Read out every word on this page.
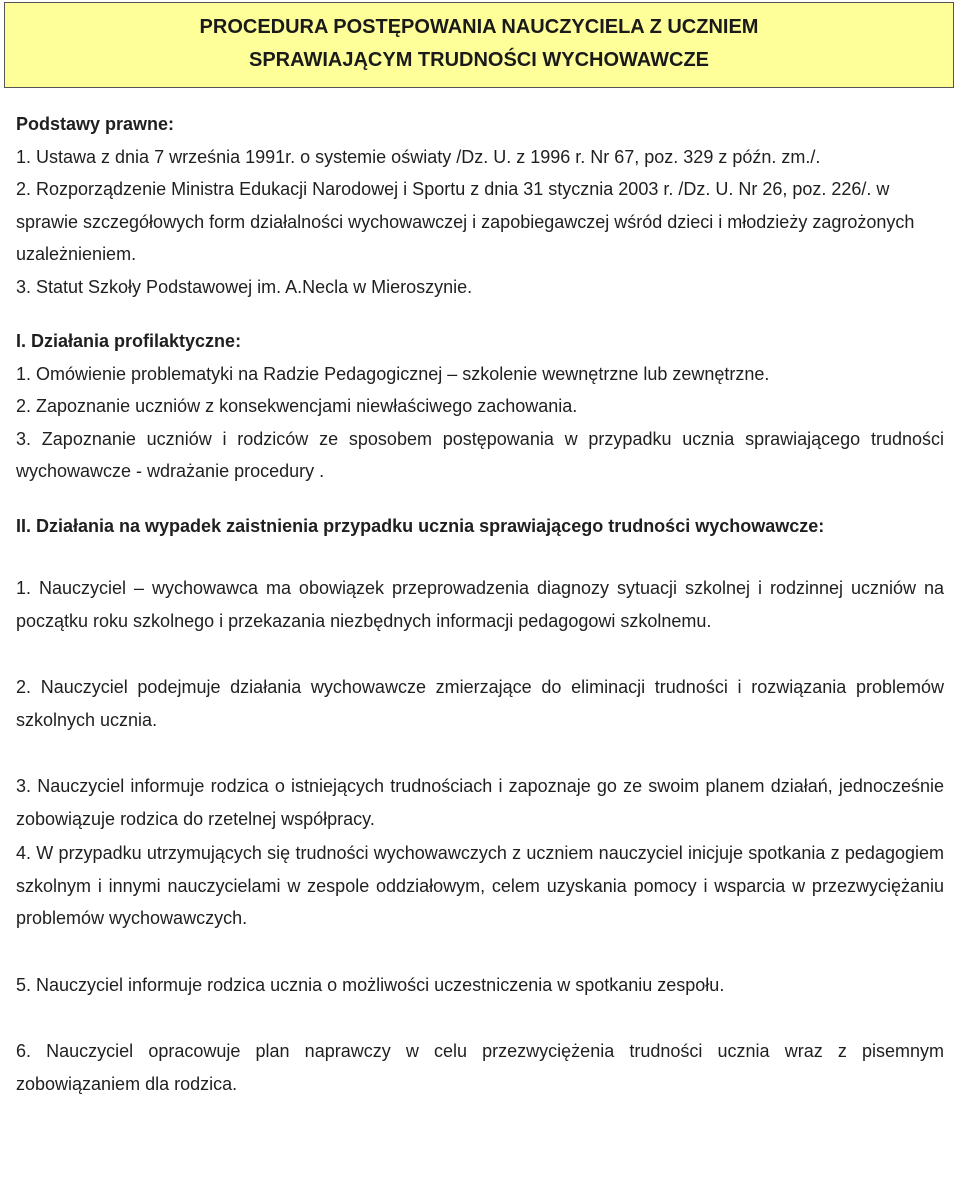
PROCEDURA POSTĘPOWANIA NAUCZYCIELA Z UCZNIEM
SPRAWIAJĄCYM TRUDNOŚCI WYCHOWAWCZE

Podstawy prawne:

1. Ustawa z dnia 7 września 1991r. o systemie oświaty /Dz. U. z 1996 r. Nr 67, poz. 329 z późn. zm./.

2. Rozporządzenie Ministra Edukacji Narodowej i Sportu z dnia 31 stycznia 2003 r. /Dz. U. Nr 26, poz. 226/. w sprawie szczegółowych form działalności wychowawczej i zapobiegawczej wśród dzieci i młodzieży zagrożonych uzależnieniem.

3. Statut Szkoły Podstawowej im. A.Necla w Mieroszynie.

I. Działania profilaktyczne:

1. Omówienie problematyki na Radzie Pedagogicznej – szkolenie wewnętrzne lub zewnętrzne.

2. Zapoznanie uczniów z konsekwencjami niewłaściwego zachowania.

3. Zapoznanie uczniów i rodziców ze sposobem postępowania w przypadku ucznia sprawiającego trudności wychowawcze - wdrażanie procedury .

II. Działania na wypadek zaistnienia przypadku ucznia sprawiającego trudności wychowawcze:

1. Nauczyciel – wychowawca ma obowiązek przeprowadzenia diagnozy sytuacji szkolnej i rodzinnej uczniów na początku roku szkolnego i przekazania niezbędnych informacji pedagogowi szkolnemu.

2. Nauczyciel podejmuje działania wychowawcze zmierzające do eliminacji trudności i rozwiązania problemów szkolnych ucznia.

3. Nauczyciel informuje rodzica o istniejących trudnościach i zapoznaje go ze swoim planem działań, jednocześnie zobowiązuje rodzica do rzetelnej współpracy.

4. W przypadku utrzymujących się trudności wychowawczych z uczniem nauczyciel inicjuje spotkania z pedagogiem szkolnym i innymi nauczycielami w zespole oddziałowym, celem uzyskania pomocy i wsparcia w przezwyciężaniu problemów wychowawczych.

5. Nauczyciel informuje rodzica ucznia o możliwości uczestniczenia w spotkaniu zespołu.

6. Nauczyciel opracowuje plan naprawczy w celu przezwyciężenia trudności ucznia wraz z pisemnym zobowiązaniem dla rodzica.
